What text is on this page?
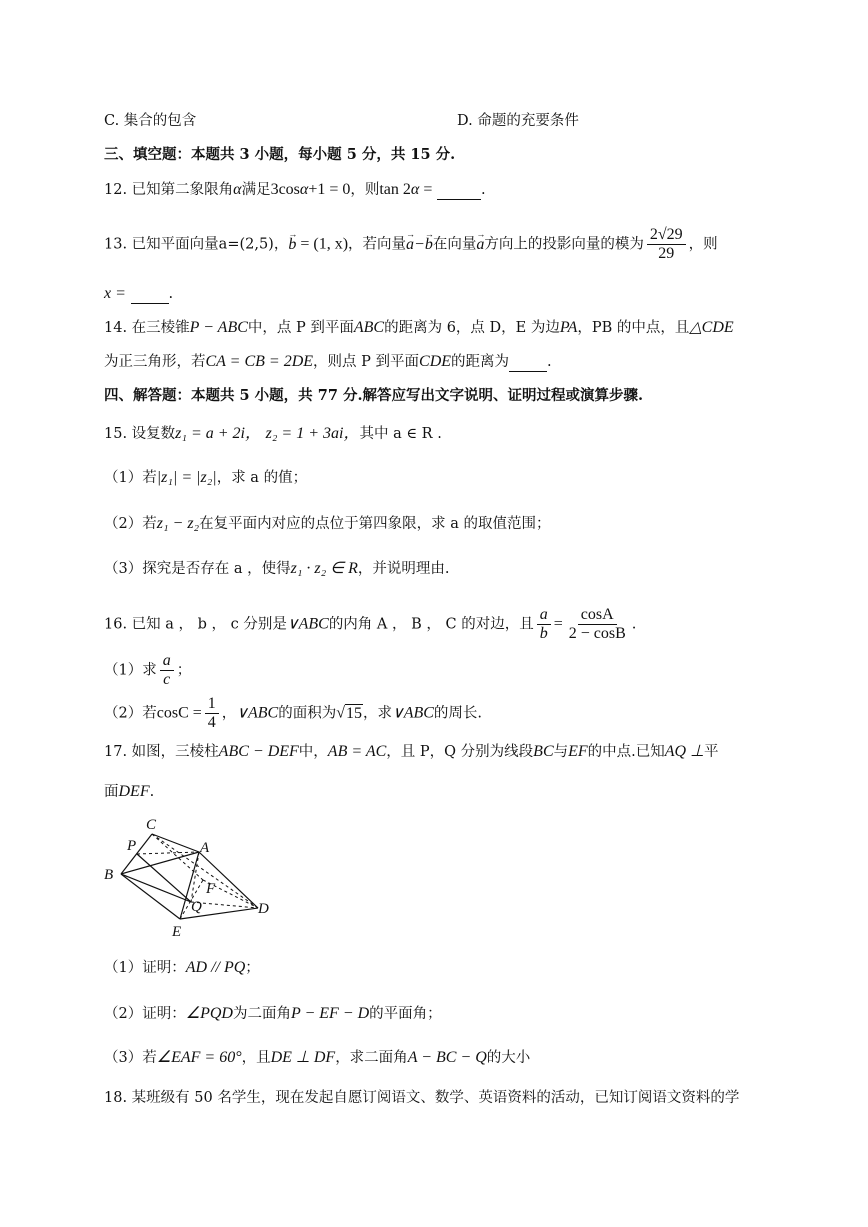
C. 集合的包含	D. 命题的充要条件
三、填空题：本题共 3 小题，每小题 5 分，共 15 分.
12. 已知第二象限角α满足3cosα+1 = 0，则tan 2α =	.
13. 已知平面向量a=(2,5)，→ b = (1, x)，若向量→ a−→ b在向量→ a方向上的投影向量的模为 $\frac{2√29}{29}$ ，则
x =	.
14. 在三棱锥P − ABC中，点 P 到平面ABC的距离为 6，点 D，E 为边PA，PB 的中点，且△CDE
为正三角形，若CA = CB = 2DE，则点 P 到平面CDE的距离为	.
四、解答题：本题共 5 小题，共 77 分.解答应写出文字说明、证明过程或演算步骤.
15. 设复数z₁ = a + 2i， z₂ = 1 + 3ai，其中 a ∈ R .
（1）若|z₁| = |z₂|，求 a 的值；
（2）若z₁ − z₂在复平面内对应的点位于第四象限，求 a 的取值范围；
（3）探究是否存在 a ，使得z₁ · z₂ ∈ R，并说明理由.
16. 已知 a ， b ， c 分别是∨ABC的内角 A ， B ， C 的对边，且 $\frac{a}{b} = \frac{\cos A}{2 - \cos B}$ .
（1）求 $\frac{a}{c}$ ；
（2）若$\cos C = \frac{1}{4}$ ，∨ABC的面积为√15，求∨ABC的周长.
17. 如图，三棱柱ABC − DEF中，AB = AC，且 P，Q 分别为线段BC与EF的中点.已知AQ ⊥平
面DEF.
C
P	A
B
F
Q	D
E
（1）证明：AD // PQ；
（2）证明：∠PQD为二面角P − EF − D的平面角；
（3）若∠EAF = 60°，且DE ⊥ DF，求二面角A − BC − Q的大小
18. 某班级有 50 名学生，现在发起自愿订阅语文、数学、英语资料的活动，已知订阅语文资料的学
